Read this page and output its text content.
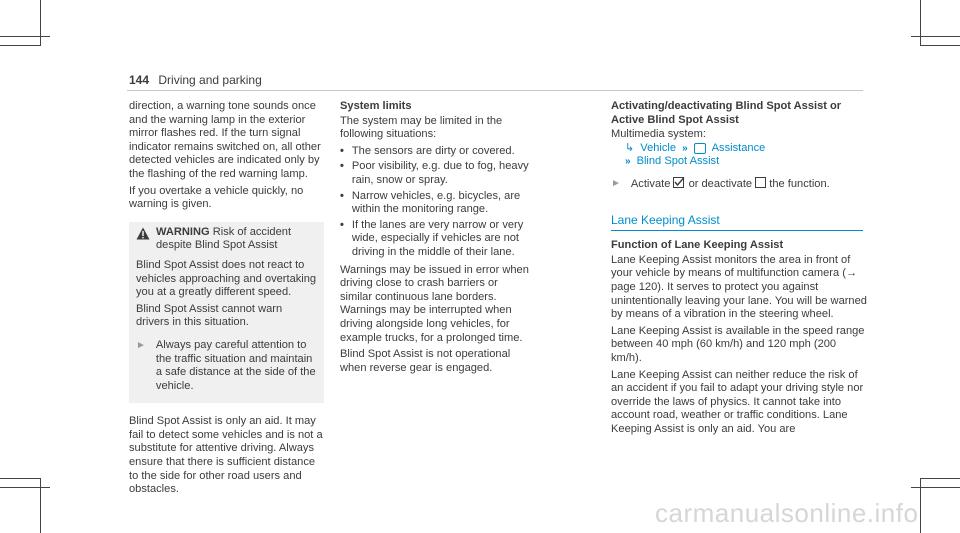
144 Driving and parking

direction, a warning tone sounds once and the warning lamp in the exterior mirror flashes red. If the turn signal indicator remains switched on, all other detected vehicles are indicated only by the flashing of the red warning lamp.

If you overtake a vehicle quickly, no warning is given.

WARNING Risk of accident despite Blind Spot Assist

Blind Spot Assist does not react to vehicles approaching and overtaking you at a greatly different speed.

Blind Spot Assist cannot warn drivers in this situation.

► Always pay careful attention to the traffic situation and maintain a safe distance at the side of the vehicle.

Blind Spot Assist is only an aid. It may fail to detect some vehicles and is not a substitute for attentive driving. Always ensure that there is sufficient distance to the side for other road users and obstacles.

System limits

The system may be limited in the following situations:

• The sensors are dirty or covered.
• Poor visibility, e.g. due to fog, heavy rain, snow or spray.
• Narrow vehicles, e.g. bicycles, are within the monitoring range.
• If the lanes are very narrow or very wide, especially if vehicles are not driving in the middle of their lane.

Warnings may be issued in error when driving close to crash barriers or similar continuous lane borders. Warnings may be interrupted when driving alongside long vehicles, for example trucks, for a prolonged time.

Blind Spot Assist is not operational when reverse gear is engaged.

Activating/deactivating Blind Spot Assist or Active Blind Spot Assist
Multimedia system:
↳ Vehicle » Assistance
» Blind Spot Assist
► Activate or deactivate the function.
Lane Keeping Assist
Function of Lane Keeping Assist

Lane Keeping Assist monitors the area in front of your vehicle by means of multifunction camera (→ page 120). It serves to protect you against unintentionally leaving your lane. You will be warned by means of a vibration in the steering wheel.

Lane Keeping Assist is available in the speed range between 40 mph (60 km/h) and 120 mph (200 km/h).

Lane Keeping Assist can neither reduce the risk of an accident if you fail to adapt your driving style nor override the laws of physics. It cannot take into account road, weather or traffic conditions. Lane Keeping Assist is only an aid. You are

carmanualsonline.info
